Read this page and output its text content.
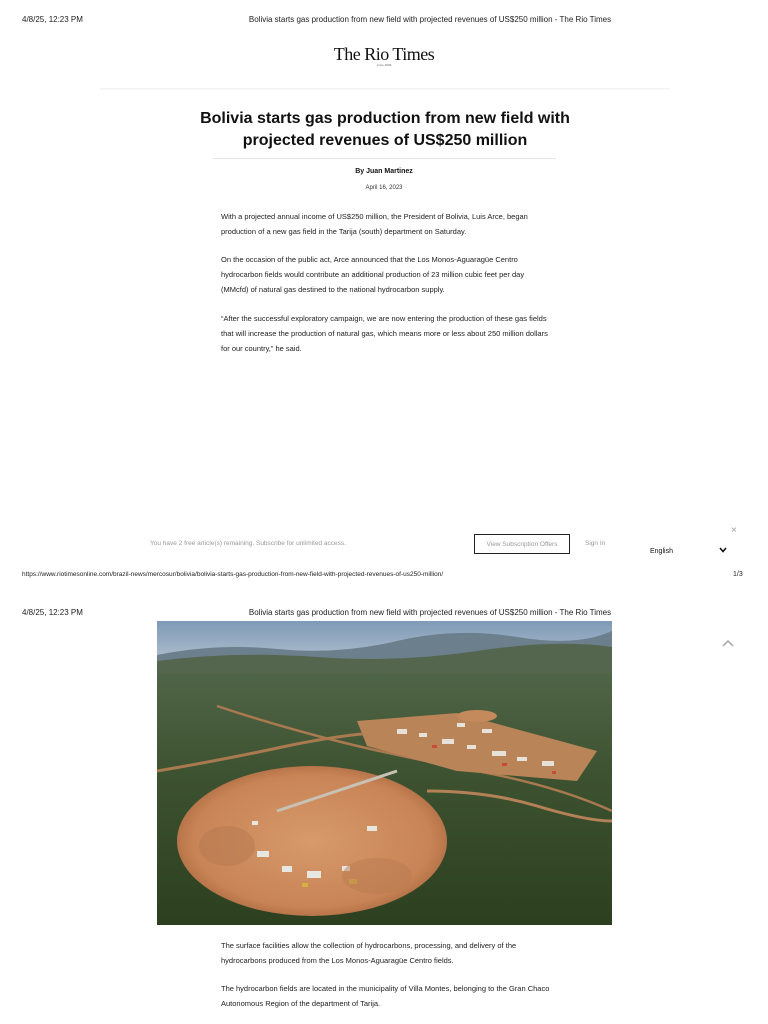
4/8/25, 12:23 PM	Bolivia starts gas production from new field with projected revenues of US$250 million - The Rio Times
The Rio Times
since 2009
Bolivia starts gas production from new field with projected revenues of US$250 million
By Juan Martinez
April 16, 2023

With a projected annual income of US$250 million, the President of Bolivia, Luis Arce, began production of a new gas field in the Tarija (south) department on Saturday.

On the occasion of the public act, Arce announced that the Los Monos-Aguaragüe Centro hydrocarbon fields would contribute an additional production of 23 million cubic feet per day (MMcfd) of natural gas destined to the national hydrocarbon supply.

“After the successful exploratory campaign, we are now entering the production of these gas fields that will increase the production of natural gas, which means more or less about 250 million dollars for our country,” he said.

You have 2 free article(s) remaining. Subscribe for unlimited access.	View Subscription Offers	Sign In
×
English
https://www.riotimesonline.com/brazil-news/mercosur/bolivia/bolivia-starts-gas-production-from-new-field-with-projected-revenues-of-us250-million/	1/3
4/8/25, 12:23 PM	Bolivia starts gas production from new field with projected revenues of US$250 million - The Rio Times

The surface facilities allow the collection of hydrocarbons, processing, and delivery of the hydrocarbons produced from the Los Monos-Aguaragüe Centro fields.

The hydrocarbon fields are located in the municipality of Villa Montes, belonging to the Gran Chaco Autonomous Region of the department of Tarija.
